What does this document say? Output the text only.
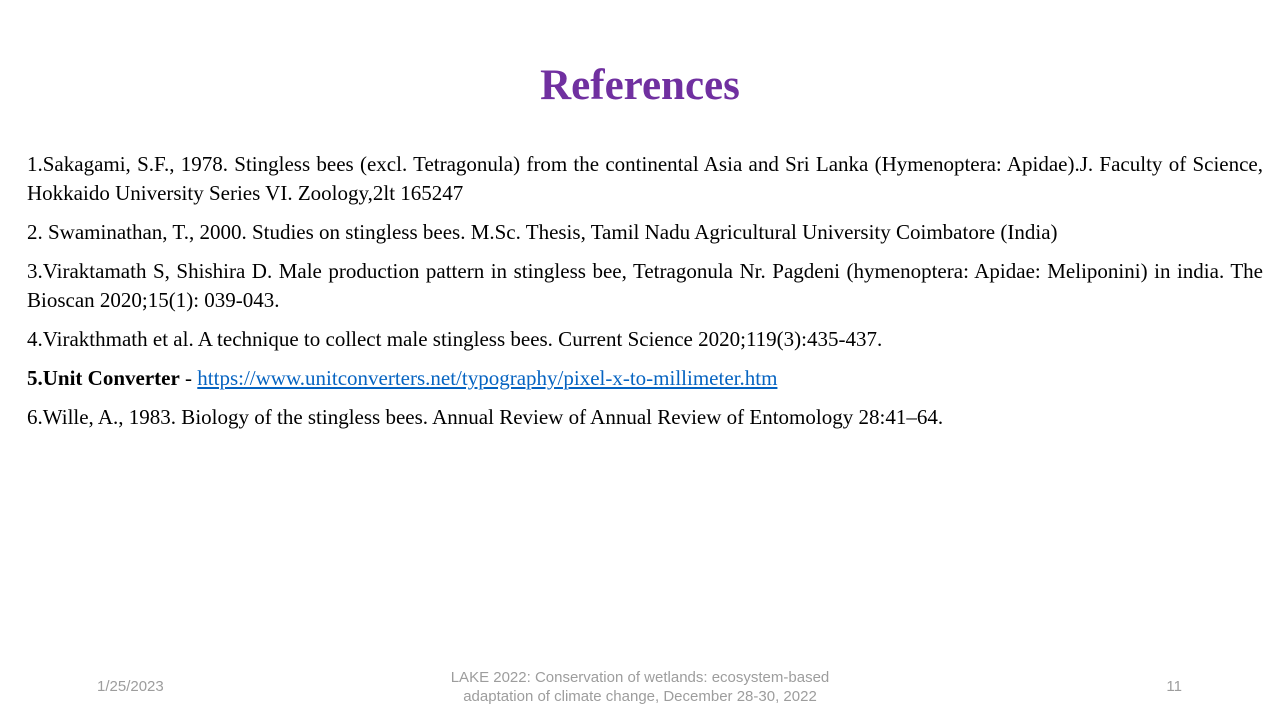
References

1.Sakagami, S.F., 1978. Stingless bees (excl. Tetragonula) from the continental Asia and Sri Lanka (Hymenoptera: Apidae).J. Faculty of Science, Hokkaido University Series VI. Zoology,2lt 165247

2. Swaminathan, T., 2000. Studies on stingless bees. M.Sc. Thesis, Tamil Nadu Agricultural University Coimbatore (India)

3.Viraktamath S, Shishira D. Male production pattern in stingless bee, Tetragonula Nr. Pagdeni (hymenoptera: Apidae: Meliponini) in india. The Bioscan 2020;15(1): 039-043.

4.Virakthmath et al. A technique to collect male stingless bees. Current Science 2020;119(3):435-437.

5.Unit Converter - https://www.unitconverters.net/typography/pixel-x-to-millimeter.htm

6.Wille, A., 1983. Biology of the stingless bees. Annual Review of Annual Review of Entomology 28:41–64.

1/25/2023
LAKE 2022: Conservation of wetlands: ecosystem-based
adaptation of climate change, December 28-30, 2022
11
